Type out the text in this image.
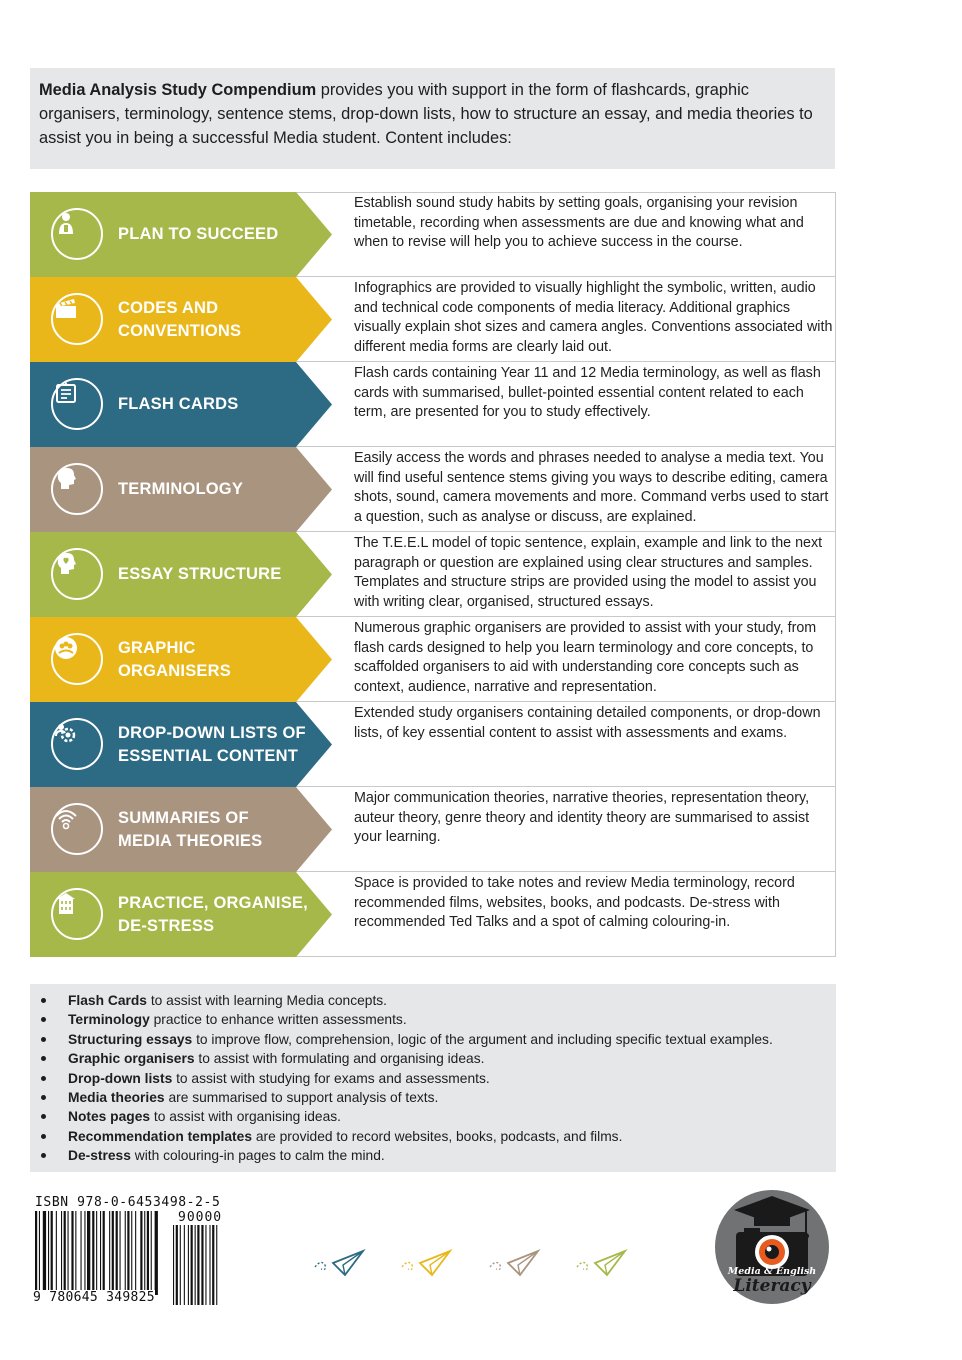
Media Analysis Study Compendium provides you with support in the form of flashcards, graphic organisers, terminology, sentence stems, drop-down lists, how to structure an essay, and media theories to assist you in being a successful Media student. Content includes:
PLAN TO SUCCEED
Establish sound study habits by setting goals, organising your revision timetable, recording when assessments are due and knowing what and when to revise will help you to achieve success in the course.
CODES AND
CONVENTIONS
Infographics are provided to visually highlight the symbolic, written, audio and technical code components of media literacy. Additional graphics visually explain shot sizes and camera angles. Conventions associated with different media forms are clearly laid out.
FLASH CARDS
Flash cards containing Year 11 and 12 Media terminology, as well as flash cards with summarised, bullet-pointed essential content related to each term, are presented for you to study effectively.
TERMINOLOGY
Easily access the words and phrases needed to analyse a media text. You will find useful sentence stems giving you ways to describe editing, camera shots, sound, camera movements and more. Command verbs used to start a question, such as analyse or discuss, are explained.
ESSAY STRUCTURE
The T.E.E.L model of topic sentence, explain, example and link to the next paragraph or question are explained using clear structures and samples. Templates and structure strips are provided using the model to assist you with writing clear, organised, structured essays.
GRAPHIC
ORGANISERS
Numerous graphic organisers are provided to assist with your study, from flash cards designed to help you learn terminology and core concepts, to scaffolded organisers to aid with understanding core concepts such as context, audience, narrative and representation.
DROP-DOWN LISTS OF
ESSENTIAL CONTENT
Extended study organisers containing detailed components, or drop-down lists, of key essential content to assist with assessments and exams.
SUMMARIES OF
MEDIA THEORIES
Major communication theories, narrative theories, representation theory, auteur theory, genre theory and identity theory are summarised to assist your learning.
PRACTICE, ORGANISE,
DE-STRESS
Space is provided to take notes and review Media terminology, record recommended films, websites, books, and podcasts. De-stress with recommended Ted Talks and a spot of calming colouring-in.
Flash Cards to assist with learning Media concepts.
Terminology practice to enhance written assessments.
Structuring essays to improve flow, comprehension, logic of the argument and including specific textual examples.
Graphic organisers to assist with formulating and organising ideas.
Drop-down lists to assist with studying for exams and assessments.
Media theories are summarised to support analysis of texts.
Notes pages to assist with organising ideas.
Recommendation templates are provided to record websites, books, podcasts, and films.
De-stress with colouring-in pages to calm the mind.
ISBN 978-0-6453498-2-5
90000
9 780645 349825
Media & English
Literacy
